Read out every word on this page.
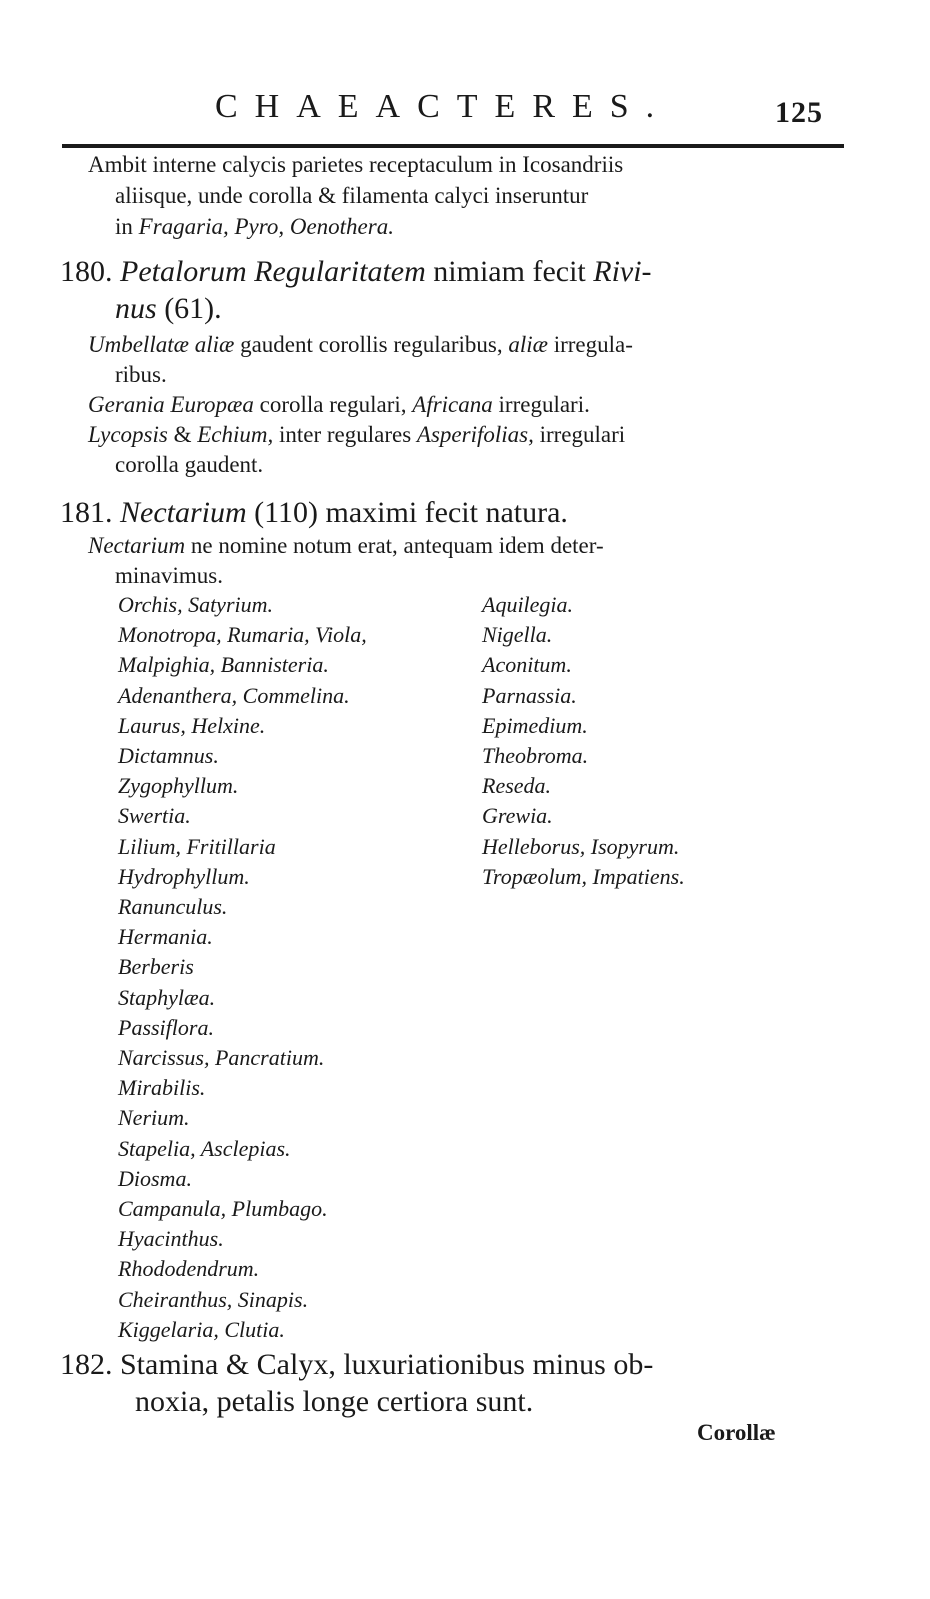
CHAEACTERES.	125
Ambit interne calycis parietes receptaculum in Icosandriis
aliisque, unde corolla & filamenta calyci inseruntur
in Fragaria, Pyro, Oenothera.
180. Petalorum Regularitatem nimiam fecit Rivi-
nus (61).
Umbellatæ aliæ gaudent corollis regularibus, aliæ irregula-
ribus.
Gerania Europæa corolla regulari, Africana irregulari.
Lycopsis & Echium, inter regulares Asperifolias, irregulari
corolla gaudent.
181. Nectarium (110) maximi fecit natura.
Nectarium ne nomine notum erat, antequam idem deter-
minavimus.
Orchis, Satyrium.
Monotropa, Rumaria, Viola,
Malpighia, Bannisteria.
Adenanthera, Commelina.
Laurus, Helxine.
Dictamnus.
Zygophyllum.
Swertia.
Lilium, Fritillaria
Hydrophyllum.
Ranunculus.
Hermania.
Berberis
Staphylæa.
Passiflora.
Narcissus, Pancratium.
Mirabilis.
Nerium.
Stapelia, Asclepias.
Diosma.
Campanula, Plumbago.
Hyacinthus.
Rhododendrum.
Cheiranthus, Sinapis.
Kiggelaria, Clutia.
Aquilegia.
Nigella.
Aconitum.
Parnassia.
Epimedium.
Theobroma.
Reseda.
Grewia.
Helleborus, Isopyrum.
Tropæolum, Impatiens.
182. Stamina & Calyx, luxuriationibus minus ob-
noxia, petalis longe certiora sunt.
Corollæ
